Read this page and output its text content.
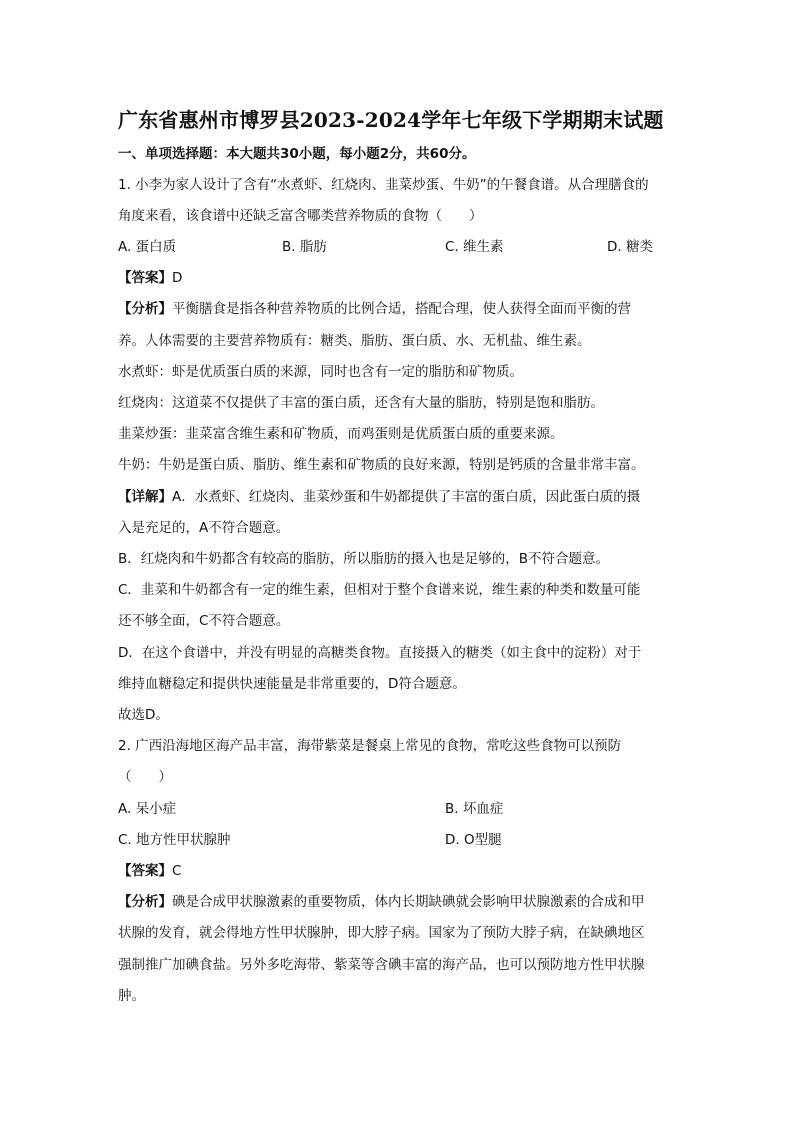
广东省惠州市博罗县2023-2024学年七年级下学期期末试题
一、单项选择题：本大题共30小题，每小题2分，共60分。
1. 小李为家人设计了含有“水煮虾、红烧肉、韭菜炒蛋、牛奶”的午餐食谱。从合理膳食的
角度来看，该食谱中还缺乏富含哪类营养物质的食物（　　）
A. 蛋白质	B. 脂肪	C. 维生素	D. 糖类
【答案】D
【分析】平衡膳食是指各种营养物质的比例合适，搭配合理，使人获得全面而平衡的营
养。人体需要的主要营养物质有：糖类、脂肪、蛋白质、水、无机盐、维生素。
水煮虾：虾是优质蛋白质的来源，同时也含有一定的脂肪和矿物质。
红烧肉：这道菜不仅提供了丰富的蛋白质，还含有大量的脂肪，特别是饱和脂肪。
韭菜炒蛋：韭菜富含维生素和矿物质，而鸡蛋则是优质蛋白质的重要来源。
牛奶：牛奶是蛋白质、脂肪、维生素和矿物质的良好来源，特别是钙质的含量非常丰富。
【详解】A．水煮虾、红烧肉、韭菜炒蛋和牛奶都提供了丰富的蛋白质，因此蛋白质的摄
入是充足的，A不符合题意。
B．红烧肉和牛奶都含有较高的脂肪，所以脂肪的摄入也是足够的，B不符合题意。
C．韭菜和牛奶都含有一定的维生素，但相对于整个食谱来说，维生素的种类和数量可能
还不够全面，C不符合题意。
D．在这个食谱中，并没有明显的高糖类食物。直接摄入的糖类（如主食中的淀粉）对于
维持血糖稳定和提供快速能量是非常重要的，D符合题意。
故选D。
2. 广西沿海地区海产品丰富，海带紫菜是餐桌上常见的食物，常吃这些食物可以预防
（　　）
A. 呆小症	B. 坏血症
C. 地方性甲状腺肿	D. O型腿
【答案】C
【分析】碘是合成甲状腺激素的重要物质，体内长期缺碘就会影响甲状腺激素的合成和甲
状腺的发育，就会得地方性甲状腺肿，即大脖子病。国家为了预防大脖子病，在缺碘地区
强制推广加碘食盐。另外多吃海带、紫菜等含碘丰富的海产品，也可以预防地方性甲状腺
肿。
